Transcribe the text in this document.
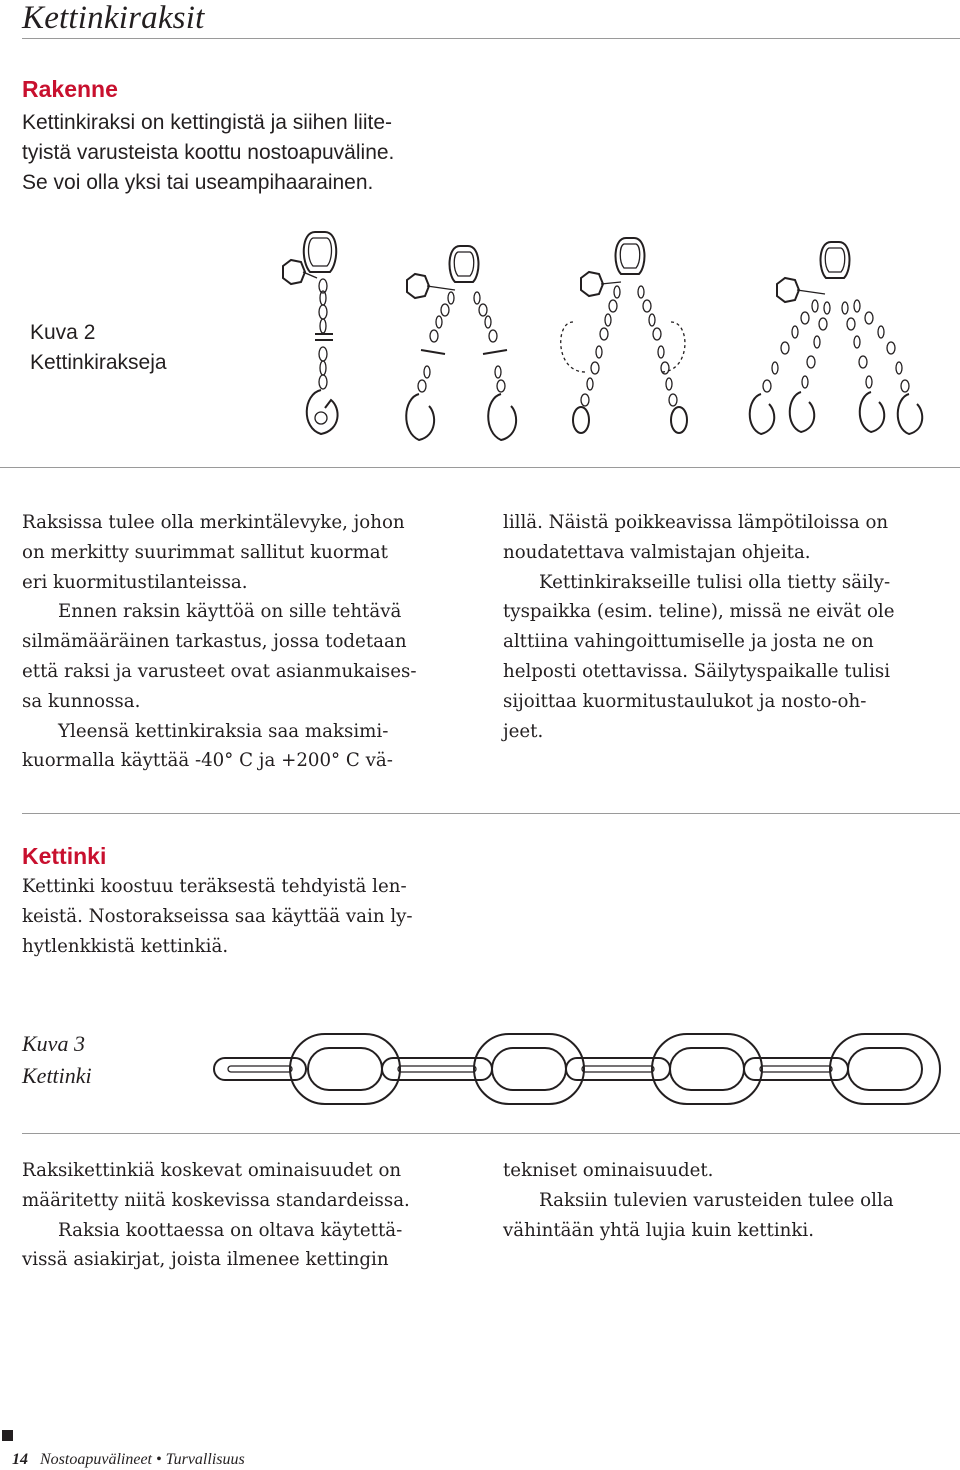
Kettinkiraksit
Rakenne
Kettinkiraksi on kettingistä ja siihen liite-
tyistä varusteista koottu nostoapuväline.
Se voi olla yksi tai useampihaarainen.
Kuva 2
Kettinkirakseja

Raksissa tulee olla merkintälevyke, johon

on merkitty suurimmat sallitut kuormat

eri kuormitustilanteissa.

Ennen raksin käyttöä on sille tehtävä

silmämääräinen tarkastus, jossa todetaan

että raksi ja varusteet ovat asianmukaises-

sa kunnossa.

Yleensä kettinkiraksia saa maksimi-

kuormalla käyttää -40° C ja +200° C vä-

lillä. Näistä poikkeavissa lämpötiloissa on

noudatettava valmistajan ohjeita.

Kettinkirakseille tulisi olla tietty säily-

tyspaikka (esim. teline), missä ne eivät ole

alttiina vahingoittumiselle ja josta ne on

helposti otettavissa. Säilytyspaikalle tulisi

sijoittaa kuormitustaulukot ja nosto-oh-

jeet.

Kettinki

Kettinki koostuu teräksestä tehdyistä len-

keistä. Nostorakseissa saa käyttää vain ly-

hytlenkkistä kettinkiä.

Kuva 3
Kettinki

Raksikettinkiä koskevat ominaisuudet on

määritetty niitä koskevissa standardeissa.

Raksia koottaessa on oltava käytettä-

vissä asiakirjat, joista ilmenee kettingin

tekniset ominaisuudet.

Raksiin tulevien varusteiden tulee olla

vähintään yhtä lujia kuin kettinki.

14 Nostoapuvälineet • Turvallisuus
